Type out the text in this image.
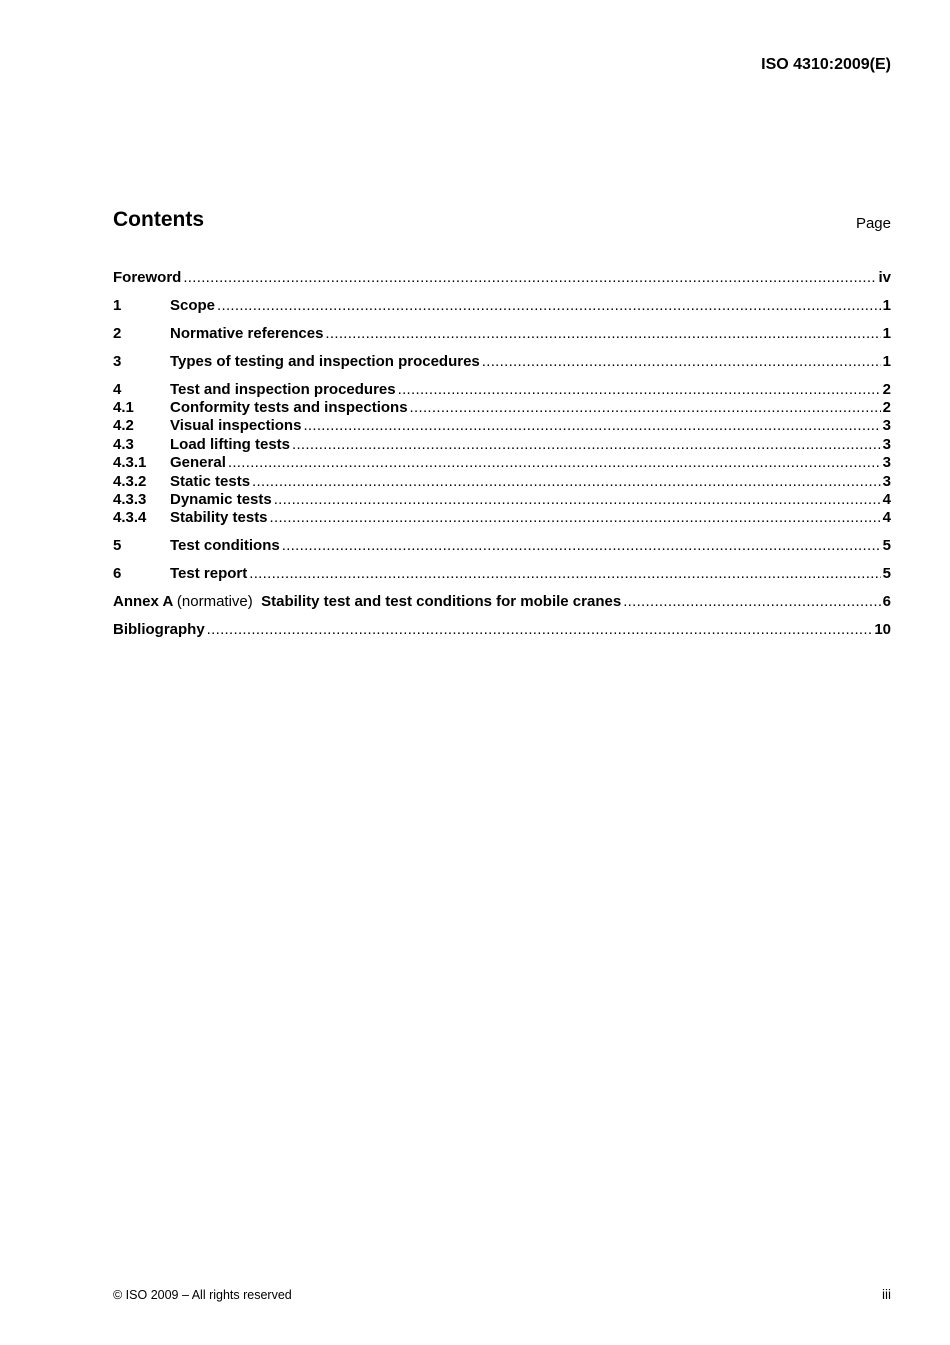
ISO 4310:2009(E)
Contents	Page
Foreword .....	iv
1	Scope .....	1
2	Normative references .....	1
3	Types of testing and inspection procedures .....	1
4	Test and inspection procedures .....	2
4.1	Conformity tests and inspections .....	2
4.2	Visual inspections .....	3
4.3	Load lifting tests .....	3
4.3.1	General .....	3
4.3.2	Static tests .....	3
4.3.3	Dynamic tests .....	4
4.3.4	Stability tests .....	4
5	Test conditions .....	5
6	Test report .....	5
Annex A (normative) Stability test and test conditions for mobile cranes .....	6
Bibliography .....	10
© ISO 2009 – All rights reserved	iii
